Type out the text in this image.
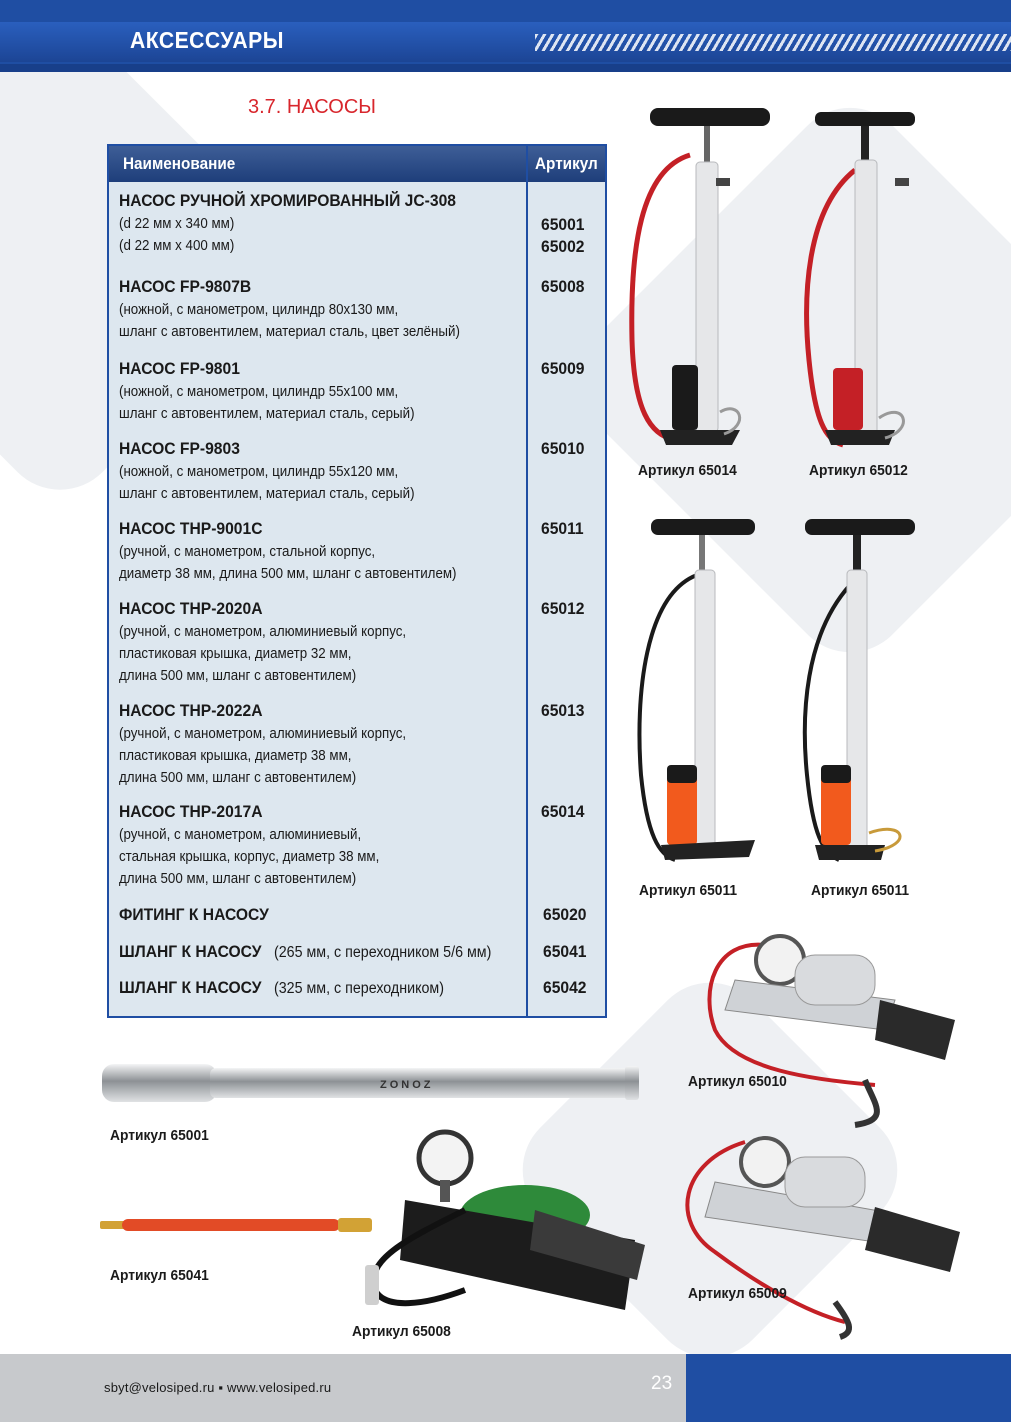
АКСЕССУАРЫ
3.7. НАСОСЫ
Наименование	Артикул
НАСОС РУЧНОЙ ХРОМИРОВАННЫЙ JC-308
(d 22 мм х 340 мм)
(d 22 мм х 400 мм)

65001
65002
НАСОС FP-9807B
(ножной, с манометром, цилиндр 80х130 мм,
шланг с автовентилем, материал сталь, цвет зелёный)
65008
НАСОС FP-9801
(ножной, с манометром, цилиндр 55х100 мм,
шланг с автовентилем, материал сталь, серый)
65009
НАСОС FP-9803
(ножной, с манометром, цилиндр 55х120 мм,
шланг с автовентилем, материал сталь, серый)
65010
НАСОС THP-9001C
(ручной, с манометром, стальной корпус,
диаметр 38 мм, длина 500 мм, шланг с автовентилем)
65011
НАСОС THP-2020A
(ручной, с манометром, алюминиевый корпус,
пластиковая крышка, диаметр 32 мм,
длина 500 мм, шланг с автовентилем)
65012
НАСОС THP-2022A
(ручной, с манометром, алюминиевый корпус,
пластиковая крышка, диаметр 38 мм,
длина 500 мм, шланг с автовентилем)
65013
НАСОС THP-2017A
(ручной, с манометром, алюминиевый,
стальная крышка, корпус, диаметр 38 мм,
длина 500 мм, шланг с автовентилем)
65014
ФИТИНГ К НАСОСУ	65020
ШЛАНГ К НАСОСУ(265 мм, с переходником 5/6 мм)	65041
ШЛАНГ К НАСОСУ(325 мм, с переходником)	65042
Артикул 65014	Артикул 65012
Артикул 65011	Артикул 65011
Артикул 65010
Артикул 65009
ZONOZ
Артикул 65001
Артикул 65041
Артикул 65008
sbyt@velosiped.ru ▪ www.velosiped.ru	23
